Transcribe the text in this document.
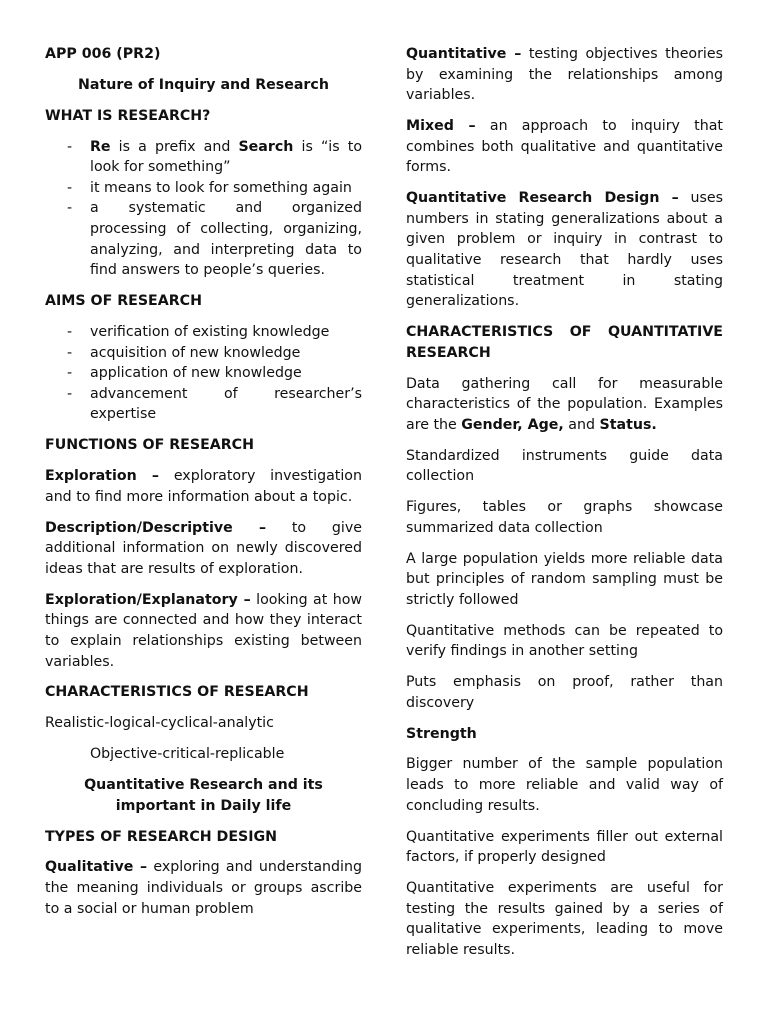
APP 006 (PR2)

Nature of Inquiry and Research

WHAT IS RESEARCH?

- Re is a prefix and Search is “is to look for something”
- it means to look for something again
- a systematic and organized processing of collecting, organizing, analyzing, and interpreting data to find answers to people’s queries.

AIMS OF RESEARCH

- verification of existing knowledge
- acquisition of new knowledge
- application of new knowledge
- advancement of researcher’s expertise

FUNCTIONS OF RESEARCH

Exploration – exploratory investigation and to find more information about a topic.

Description/Descriptive – to give additional information on newly discovered ideas that are results of exploration.

Exploration/Explanatory – looking at how things are connected and how they interact to explain relationships existing between variables.

CHARACTERISTICS OF RESEARCH

Realistic-logical-cyclical-analytic

Objective-critical-replicable

Quantitative Research and its important in Daily life

TYPES OF RESEARCH DESIGN

Qualitative – exploring and understanding the meaning individuals or groups ascribe to a social or human problem

Quantitative – testing objectives theories by examining the relationships among variables.

Mixed – an approach to inquiry that combines both qualitative and quantitative forms.

Quantitative Research Design – uses numbers in stating generalizations about a given problem or inquiry in contrast to qualitative research that hardly uses statistical treatment in stating generalizations.

CHARACTERISTICS OF QUANTITATIVE RESEARCH

Data gathering call for measurable characteristics of the population. Examples are the Gender, Age, and Status.

Standardized instruments guide data collection

Figures, tables or graphs showcase summarized data collection

A large population yields more reliable data but principles of random sampling must be strictly followed

Quantitative methods can be repeated to verify findings in another setting

Puts emphasis on proof, rather than discovery

Strength

Bigger number of the sample population leads to more reliable and valid way of concluding results.

Quantitative experiments filler out external factors, if properly designed

Quantitative experiments are useful for testing the results gained by a series of qualitative experiments, leading to move reliable results.
